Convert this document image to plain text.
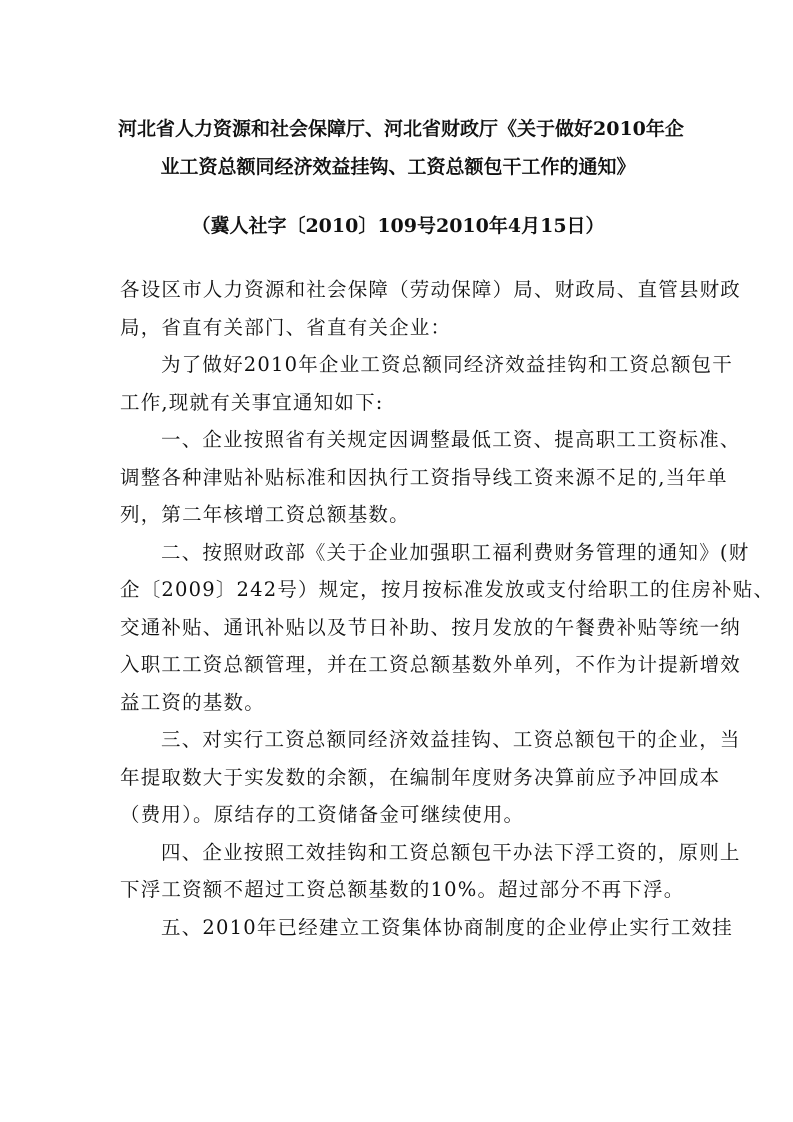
河北省人力资源和社会保障厅、河北省财政厅《关于做好2010年企
业工资总额同经济效益挂钩、工资总额包干工作的通知》

（冀人社字〔2010〕109号2010年4月15日）

各设区市人力资源和社会保障（劳动保障）局、财政局、直管县财政
局，省直有关部门、省直有关企业：

为了做好2010年企业工资总额同经济效益挂钩和工资总额包干
工作,现就有关事宜通知如下:

一、企业按照省有关规定因调整最低工资、提高职工工资标准、
调整各种津贴补贴标准和因执行工资指导线工资来源不足的,当年单
列，第二年核增工资总额基数。

二、按照财政部《关于企业加强职工福利费财务管理的通知》(财
企〔2009〕242号）规定，按月按标准发放或支付给职工的住房补贴、
交通补贴、通讯补贴以及节日补助、按月发放的午餐费补贴等统一纳
入职工工资总额管理，并在工资总额基数外单列，不作为计提新增效
益工资的基数。

三、对实行工资总额同经济效益挂钩、工资总额包干的企业，当
年提取数大于实发数的余额，在编制年度财务决算前应予冲回成本
（费用）。原结存的工资储备金可继续使用。

四、企业按照工效挂钩和工资总额包干办法下浮工资的，原则上
下浮工资额不超过工资总额基数的10%。超过部分不再下浮。

五、2010年已经建立工资集体协商制度的企业停止实行工效挂
